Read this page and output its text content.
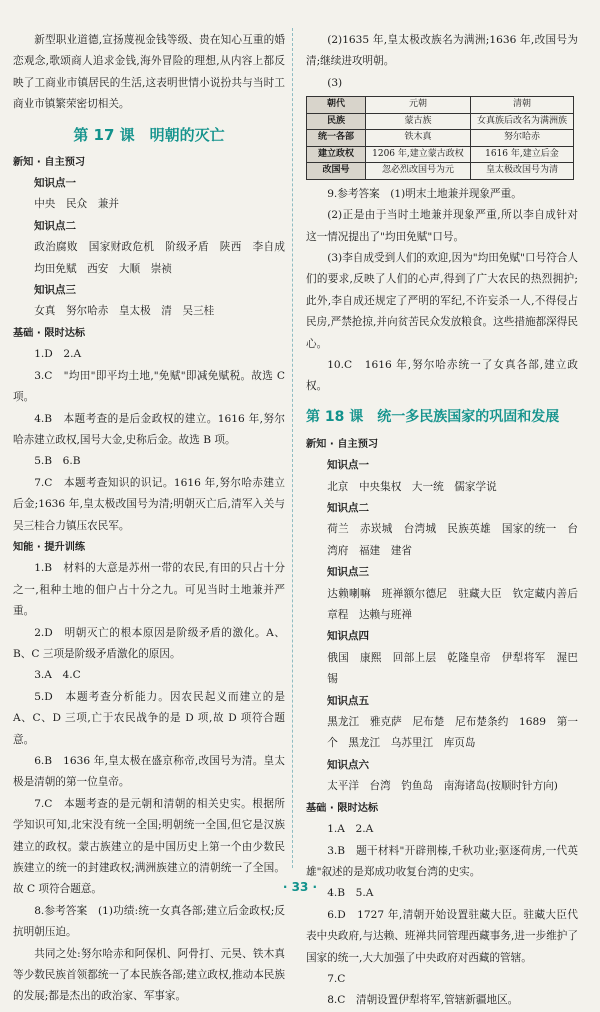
新型职业道德,宣扬蔑视金钱等级、贵在知心互重的婚恋观念,歌颂商人追求金钱,海外冒险的理想,从内容上都反映了工商业市镇居民的生活,这表明世情小说扮共与当时工商业市镇繁荣密切相关。

第 17 课　明朝的灭亡
新知 · 自主预习
知识点一

中央　民众　兼并

知识点二

政治腐败　国家财政危机　阶级矛盾　陕西　李自成　均田免赋　西安　大顺　崇祯

知识点三

女真　努尔哈赤　皇太极　清　吴三桂

基础 · 限时达标

1.D　2.A

3.C　"均田"即平均土地,"免赋"即减免赋税。故选 C 项。

4.B　本题考查的是后金政权的建立。1616 年,努尔哈赤建立政权,国号大金,史称后金。故选 B 项。

5.B　6.B

7.C　本题考查知识的识记。1616 年,努尔哈赤建立后金;1636 年,皇太极改国号为清;明朝灭亡后,清军入关与吴三桂合力镇压农民军。

知能 · 提升训练

1.B　材料的大意是苏州一带的农民,有田的只占十分之一,租种土地的佃户占十分之九。可见当时土地兼并严重。

2.D　明朝灭亡的根本原因是阶级矛盾的激化。A、B、C 三项是阶级矛盾激化的原因。

3.A　4.C

5.D　本题考查分析能力。因农民起义而建立的是 A、C、D 三项,亡于农民战争的是 D 项,故 D 项符合题意。

6.B　1636 年,皇太极在盛京称帝,改国号为清。皇太极是清朝的第一位皇帝。

7.C　本题考查的是元朝和清朝的相关史实。根据所学知识可知,北宋没有统一全国;明朝统一全国,但它是汉族建立的政权。蒙古族建立的是中国历史上第一个由少数民族建立的统一的封建政权;满洲族建立的清朝统一了全国。故 C 项符合题意。

8.参考答案　(1)功绩:统一女真各部;建立后金政权;反抗明朝压迫。

共同之处:努尔哈赤和阿保机、阿骨打、元昊、铁木真等少数民族首领都统一了本民族各部;建立政权,推动本民族的发展;都是杰出的政治家、军事家。

(2)1635 年,皇太极改族名为满洲;1636 年,改国号为清;继续进攻明朝。

(3)

朝代	元朝	清朝
民族	蒙古族	女真族后改名为满洲族
统一各部	铁木真	努尔哈赤
建立政权	1206 年,建立蒙古政权	1616 年,建立后金
改国号	忽必烈改国号为元	皇太极改国号为清

9.参考答案　(1)明末土地兼并现象严重。

(2)正是由于当时土地兼并现象严重,所以李自成针对这一情况提出了"均田免赋"口号。

(3)李自成受到人们的欢迎,因为"均田免赋"口号符合人们的要求,反映了人们的心声,得到了广大农民的热烈拥护;此外,李自成还规定了严明的军纪,不许妄杀一人,不得侵占民房,严禁抢掠,并向贫苦民众发放粮食。这些措施都深得民心。

10.C　1616 年,努尔哈赤统一了女真各部,建立政权。

第 18 课　统一多民族国家的巩固和发展
新知 · 自主预习
知识点一

北京　中央集权　大一统　儒家学说

知识点二

荷兰　赤崁城　台湾城　民族英雄　国家的统一　台湾府　福建　建省

知识点三

达赖喇嘛　班禅额尔德尼　驻藏大臣　钦定藏内善后章程　达赖与班禅

知识点四

俄国　康熙　回部上层　乾隆皇帝　伊犁将军　渥巴锡

知识点五

黑龙江　雅克萨　尼布楚　尼布楚条约　1689　第一个　黑龙江　乌苏里江　库页岛

知识点六

太平洋　台湾　钓鱼岛　南海诸岛(按顺时针方向)

基础 · 限时达标

1.A　2.A

3.B　题干材料"开辟荆榛,千秋功业;驱逐荷虏,一代英雄"叙述的是郑成功收复台湾的史实。

4.B　5.A

6.D　1727 年,清朝开始设置驻藏大臣。驻藏大臣代表中央政府,与达赖、班禅共同管理西藏事务,进一步维护了国家的统一,大大加强了中央政府对西藏的管辖。

7.C

8.C　清朝设置伊犁将军,管辖新疆地区。

· 33 ·
